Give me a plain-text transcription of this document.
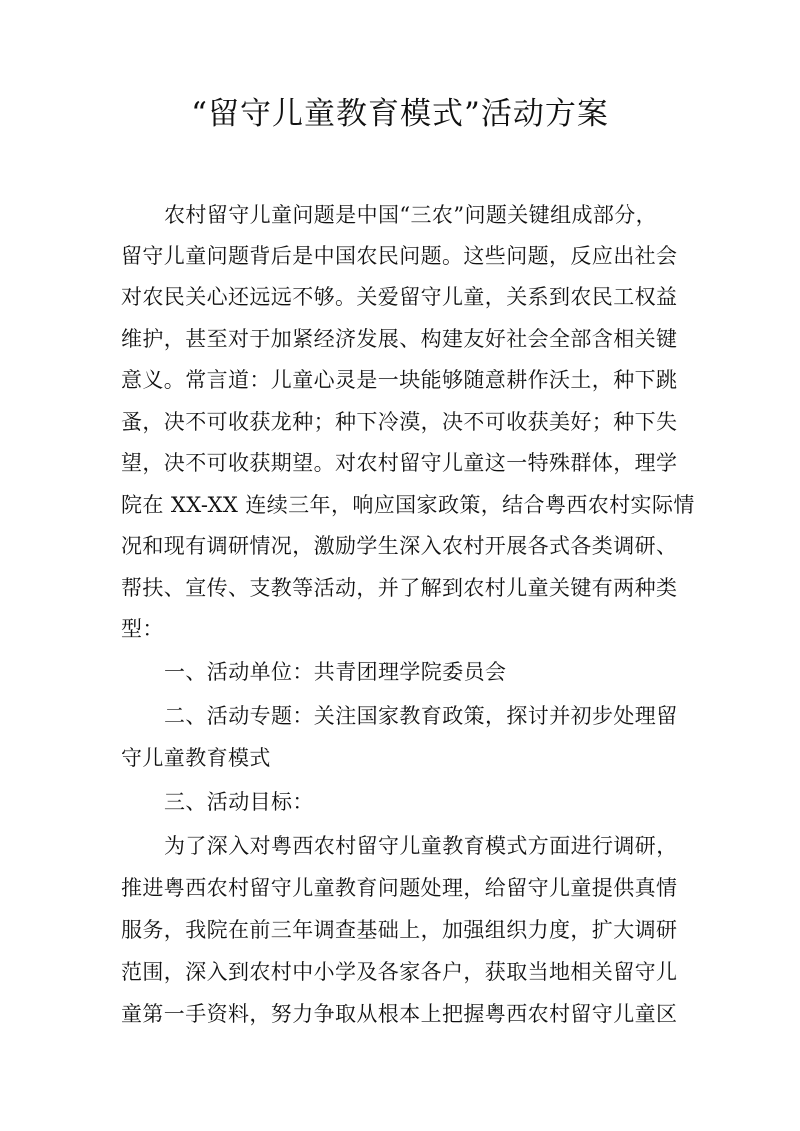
“留守儿童教育模式”活动方案
农村留守儿童问题是中国“三农”问题关键组成部分，
留守儿童问题背后是中国农民问题。这些问题，反应出社会
对农民关心还远远不够。关爱留守儿童，关系到农民工权益
维护，甚至对于加紧经济发展、构建友好社会全部含相关键
意义。常言道：儿童心灵是一块能够随意耕作沃土，种下跳
蚤，决不可收获龙种；种下冷漠，决不可收获美好；种下失
望，决不可收获期望。对农村留守儿童这一特殊群体，理学
院在 XX-XX 连续三年，响应国家政策，结合粤西农村实际情
况和现有调研情况，激励学生深入农村开展各式各类调研、
帮扶、宣传、支教等活动，并了解到农村儿童关键有两种类
型：
一、活动单位：共青团理学院委员会
二、活动专题：关注国家教育政策，探讨并初步处理留
守儿童教育模式
三、活动目标：
为了深入对粤西农村留守儿童教育模式方面进行调研，
推进粤西农村留守儿童教育问题处理，给留守儿童提供真情
服务，我院在前三年调查基础上，加强组织力度，扩大调研
范围，深入到农村中小学及各家各户，获取当地相关留守儿
童第一手资料，努力争取从根本上把握粤西农村留守儿童区
